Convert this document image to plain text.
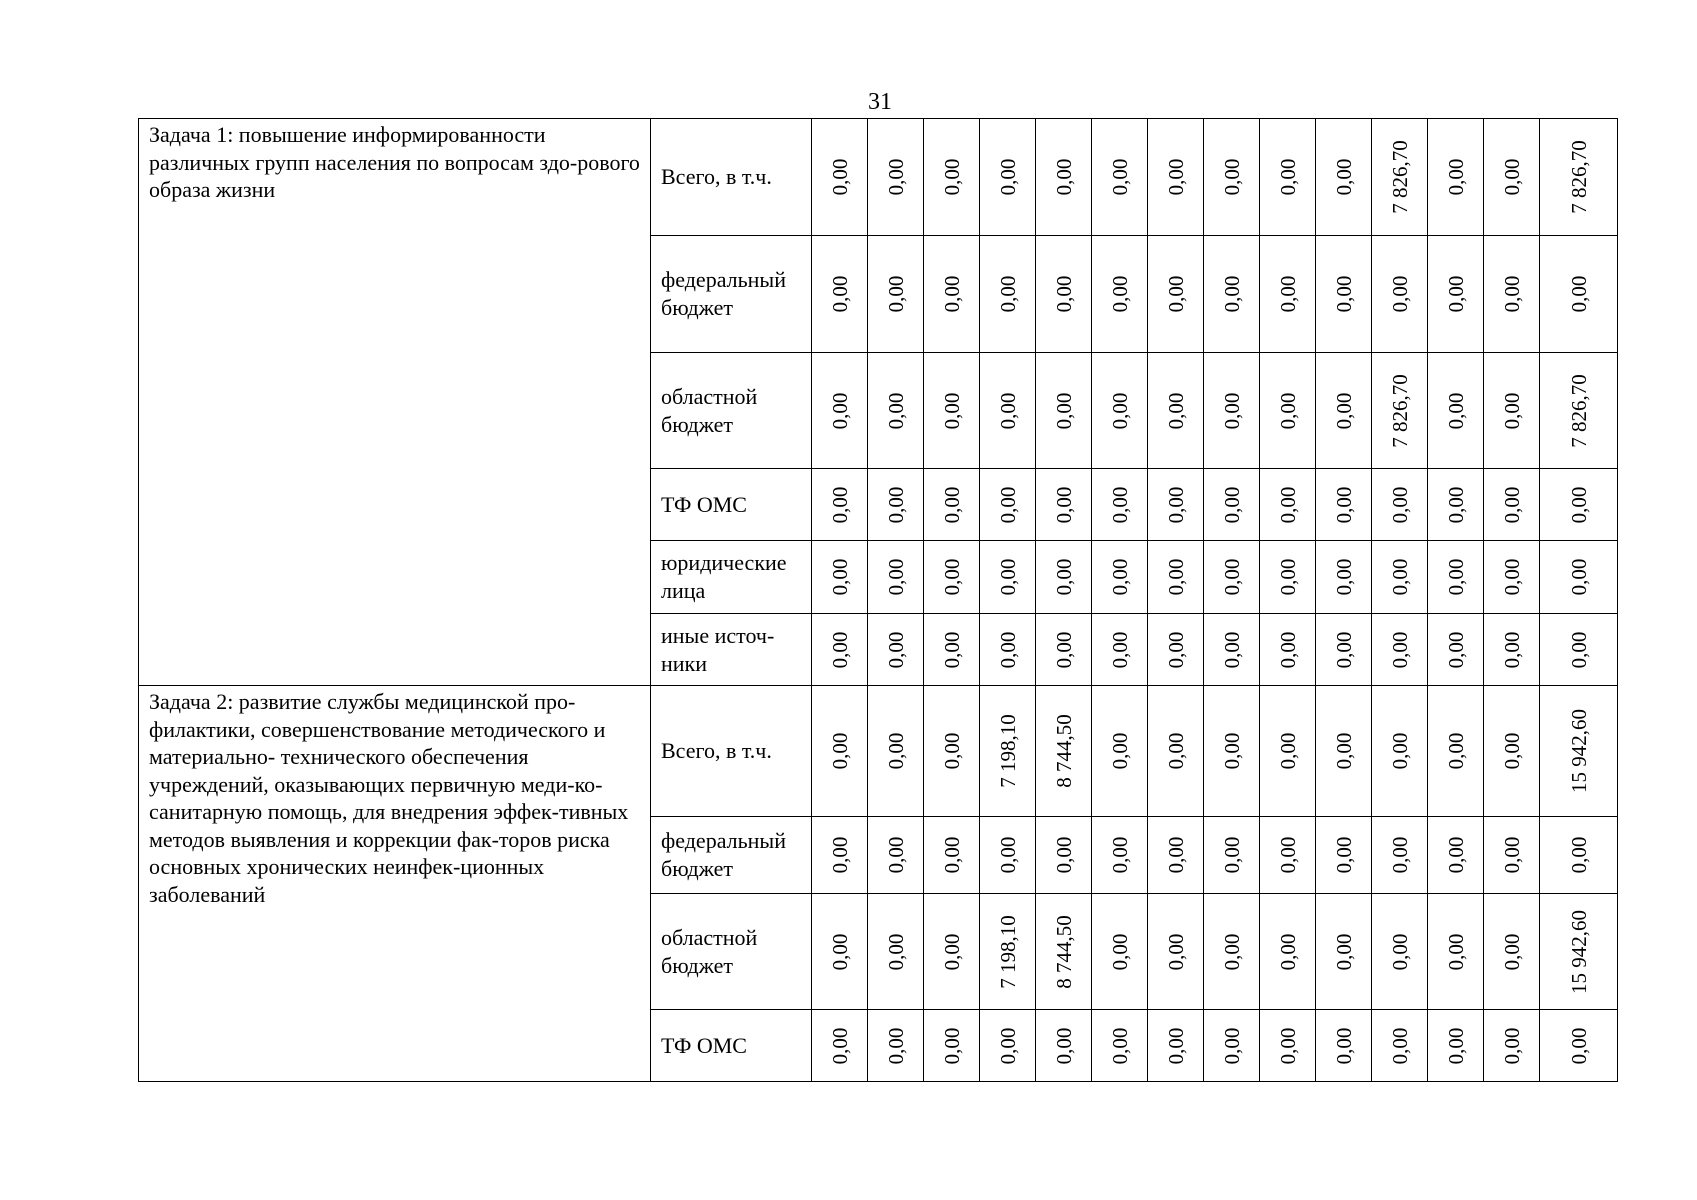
31
Задача 1: повышение информированности различных групп населения по вопросам здо-рового образа жизни	Всего, в т.ч.	0,00	0,00	0,00	0,00	0,00	0,00	0,00	0,00	0,00	0,00	7 826,70	0,00	0,00	7 826,70

	федеральный бюджет	0,00	0,00	0,00	0,00	0,00	0,00	0,00	0,00	0,00	0,00	0,00	0,00	0,00	0,00

	областной бюджет	0,00	0,00	0,00	0,00	0,00	0,00	0,00	0,00	0,00	0,00	7 826,70	0,00	0,00	7 826,70

	ТФ ОМС	0,00	0,00	0,00	0,00	0,00	0,00	0,00	0,00	0,00	0,00	0,00	0,00	0,00	0,00

	юридические лица	0,00	0,00	0,00	0,00	0,00	0,00	0,00	0,00	0,00	0,00	0,00	0,00	0,00	0,00

	иные источ-ники	0,00	0,00	0,00	0,00	0,00	0,00	0,00	0,00	0,00	0,00	0,00	0,00	0,00	0,00

Задача 2: развитие службы медицинской про-филактики, совершенствование методического и материально- технического обеспечения учреждений, оказывающих первичную меди-ко-санитарную помощь, для внедрения эффек-тивных методов выявления и коррекции фак-торов риска основных хронических неинфек-ционных заболеваний	Всего, в т.ч.	0,00	0,00	0,00	7 198,10	8 744,50	0,00	0,00	0,00	0,00	0,00	0,00	0,00	0,00	15 942,60

	федеральный бюджет	0,00	0,00	0,00	0,00	0,00	0,00	0,00	0,00	0,00	0,00	0,00	0,00	0,00	0,00

	областной бюджет	0,00	0,00	0,00	7 198,10	8 744,50	0,00	0,00	0,00	0,00	0,00	0,00	0,00	0,00	15 942,60

	ТФ ОМС	0,00	0,00	0,00	0,00	0,00	0,00	0,00	0,00	0,00	0,00	0,00	0,00	0,00	0,00
